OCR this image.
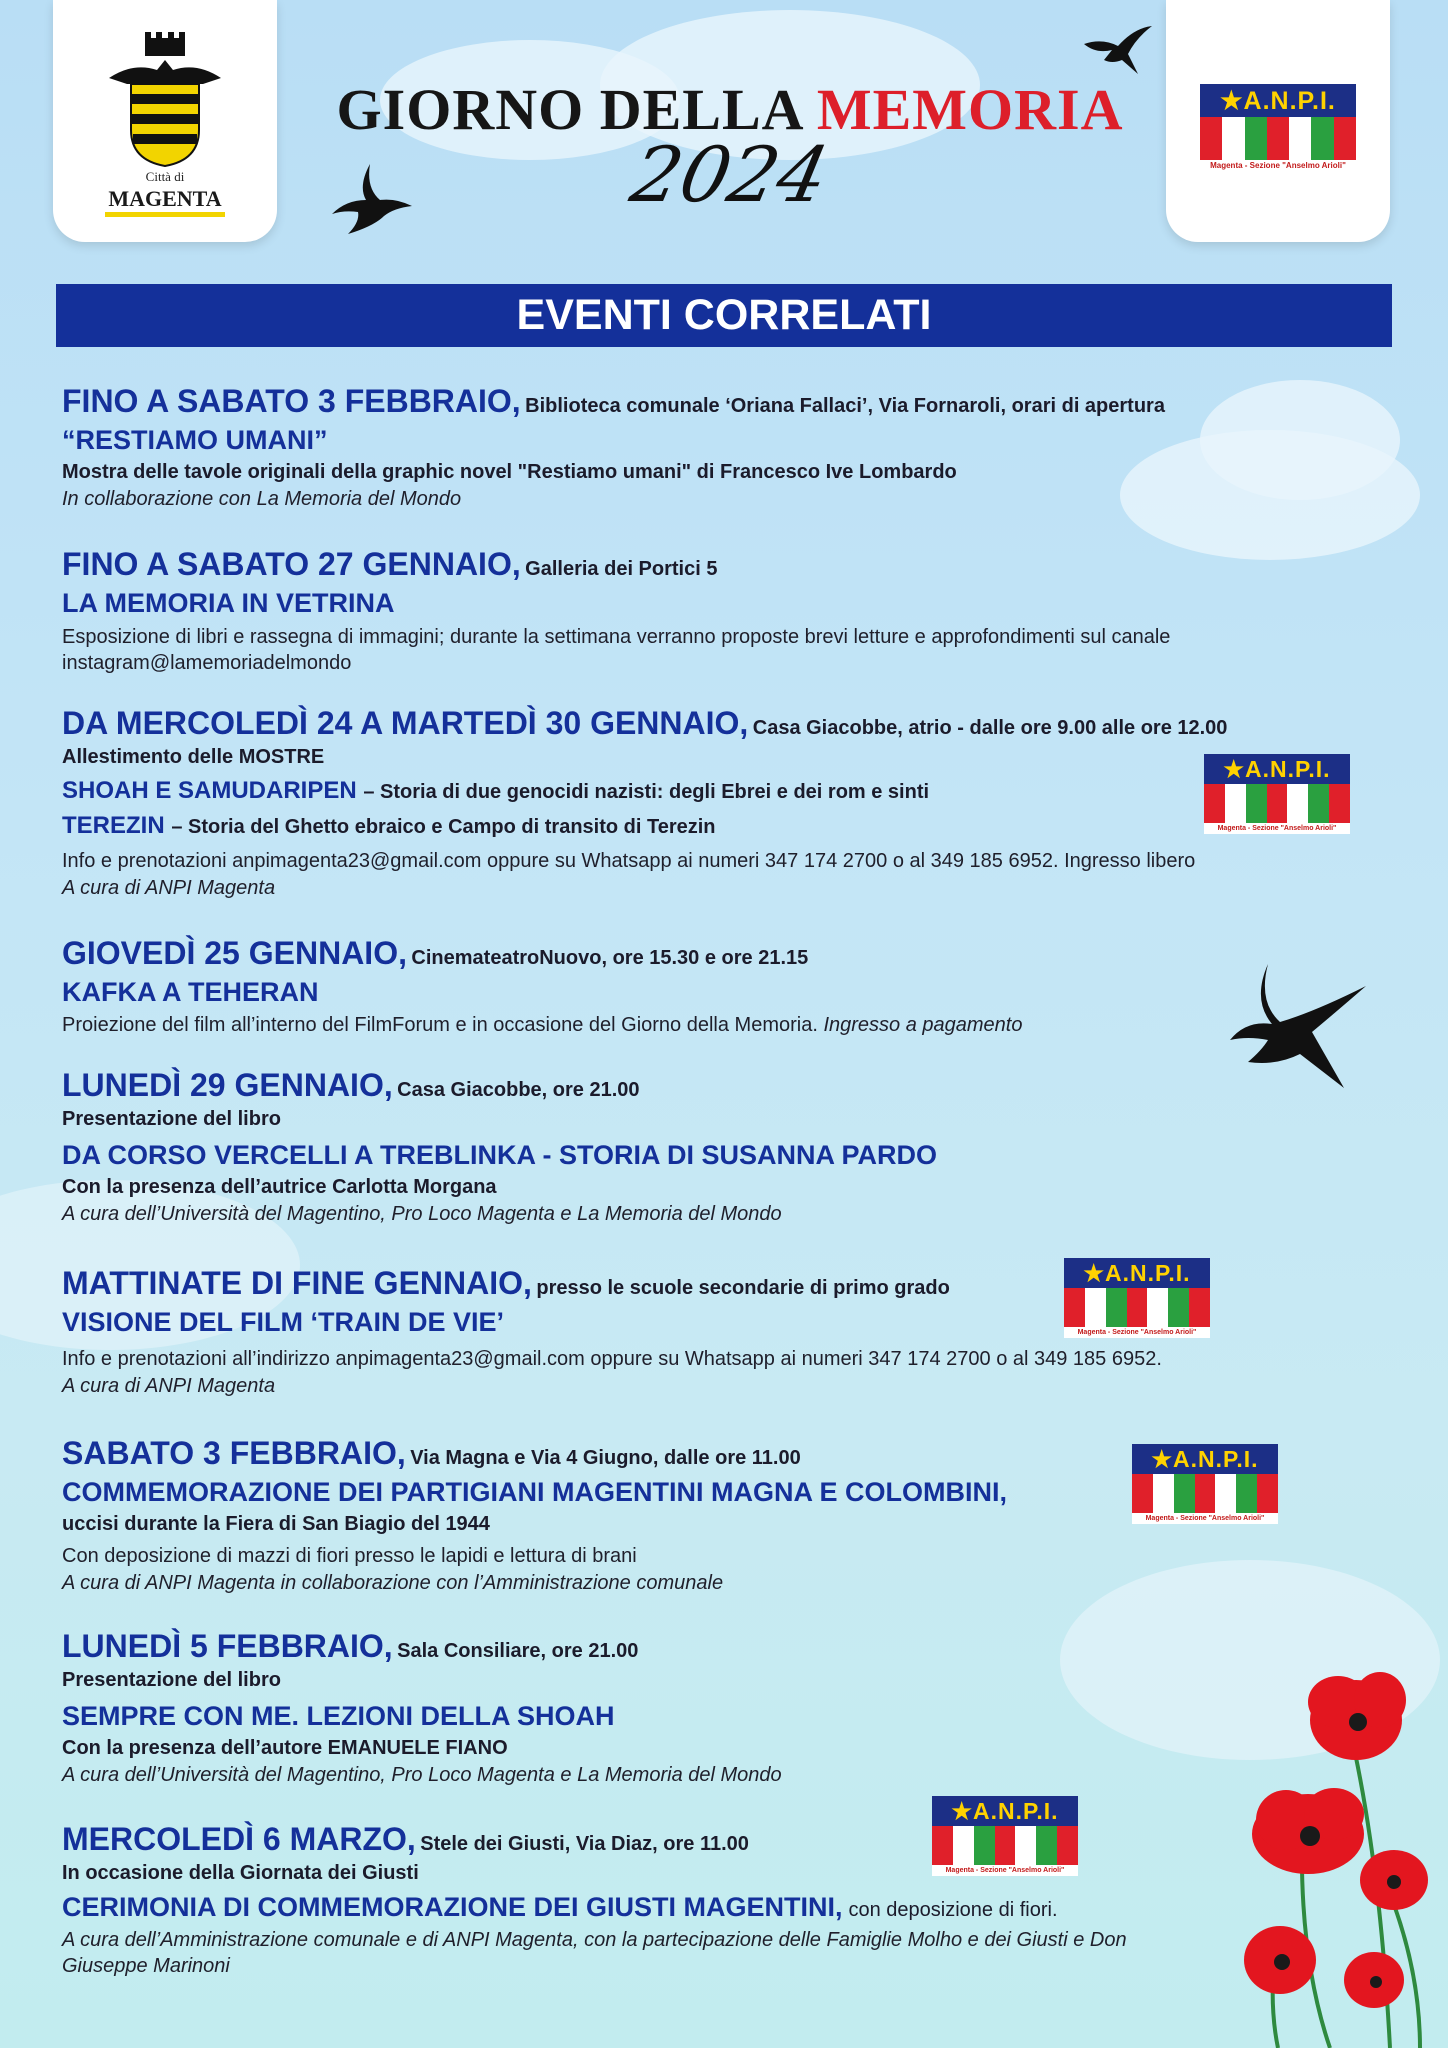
Città di
MAGENTA
★A.N.P.I.
Magenta - Sezione "Anselmo Arioli"
GIORNO DELLA MEMORIA
2024
EVENTI CORRELATI
FINO A SABATO 3 FEBBRAIO, Biblioteca comunale ‘Oriana Fallaci’, Via Fornaroli, orari di apertura
“RESTIAMO UMANI”
Mostra delle tavole originali della graphic novel "Restiamo umani" di Francesco Ive Lombardo
In collaborazione con La Memoria del Mondo
FINO A SABATO 27 GENNAIO, Galleria dei Portici 5
LA MEMORIA IN VETRINA
Esposizione di libri e rassegna di immagini; durante la settimana verranno proposte brevi letture e approfondimenti sul canale instagram@lamemoriadelmondo
DA MERCOLEDÌ 24 A MARTEDÌ 30 GENNAIO, Casa Giacobbe, atrio - dalle ore 9.00 alle ore 12.00
Allestimento delle MOSTRE
SHOAH E SAMUDARIPEN – Storia di due genocidi nazisti: degli Ebrei e dei rom e sinti
TEREZIN – Storia del Ghetto ebraico e Campo di transito di Terezin
Info e prenotazioni anpimagenta23@gmail.com oppure su Whatsapp ai numeri 347 174 2700 o al 349 185 6952. Ingresso libero
A cura di ANPI Magenta
GIOVEDÌ 25 GENNAIO, CinemateatroNuovo, ore 15.30 e ore 21.15
KAFKA A TEHERAN
Proiezione del film all’interno del FilmForum e in occasione del Giorno della Memoria. Ingresso a pagamento
LUNEDÌ 29 GENNAIO, Casa Giacobbe, ore 21.00
Presentazione del libro
DA CORSO VERCELLI A TREBLINKA - STORIA DI SUSANNA PARDO
Con la presenza dell’autrice Carlotta Morgana
A cura dell’Università del Magentino, Pro Loco Magenta e La Memoria del Mondo
MATTINATE DI FINE GENNAIO, presso le scuole secondarie di primo grado
VISIONE DEL FILM ‘TRAIN DE VIE’
Info e prenotazioni all’indirizzo anpimagenta23@gmail.com oppure su Whatsapp ai numeri 347 174 2700 o al 349 185 6952.
A cura di ANPI Magenta
SABATO 3 FEBBRAIO, Via Magna e Via 4 Giugno, dalle ore 11.00
COMMEMORAZIONE DEI PARTIGIANI MAGENTINI MAGNA E COLOMBINI,
uccisi durante la Fiera di San Biagio del 1944
Con deposizione di mazzi di fiori presso le lapidi e lettura di brani
A cura di ANPI Magenta in collaborazione con l’Amministrazione comunale
LUNEDÌ 5 FEBBRAIO, Sala Consiliare, ore 21.00
Presentazione del libro
SEMPRE CON ME. LEZIONI DELLA SHOAH
Con la presenza dell’autore EMANUELE FIANO
A cura dell’Università del Magentino, Pro Loco Magenta e La Memoria del Mondo
MERCOLEDÌ 6 MARZO, Stele dei Giusti, Via Diaz, ore 11.00
In occasione della Giornata dei Giusti
CERIMONIA DI COMMEMORAZIONE DEI GIUSTI MAGENTINI, con deposizione di fiori.
A cura dell’Amministrazione comunale e di ANPI Magenta, con la partecipazione delle Famiglie Molho e dei Giusti e Don Giuseppe Marinoni
★A.N.P.I.
Magenta - Sezione "Anselmo Arioli"
★A.N.P.I.
Magenta - Sezione "Anselmo Arioli"
★A.N.P.I.
Magenta - Sezione "Anselmo Arioli"
★A.N.P.I.
Magenta - Sezione "Anselmo Arioli"
